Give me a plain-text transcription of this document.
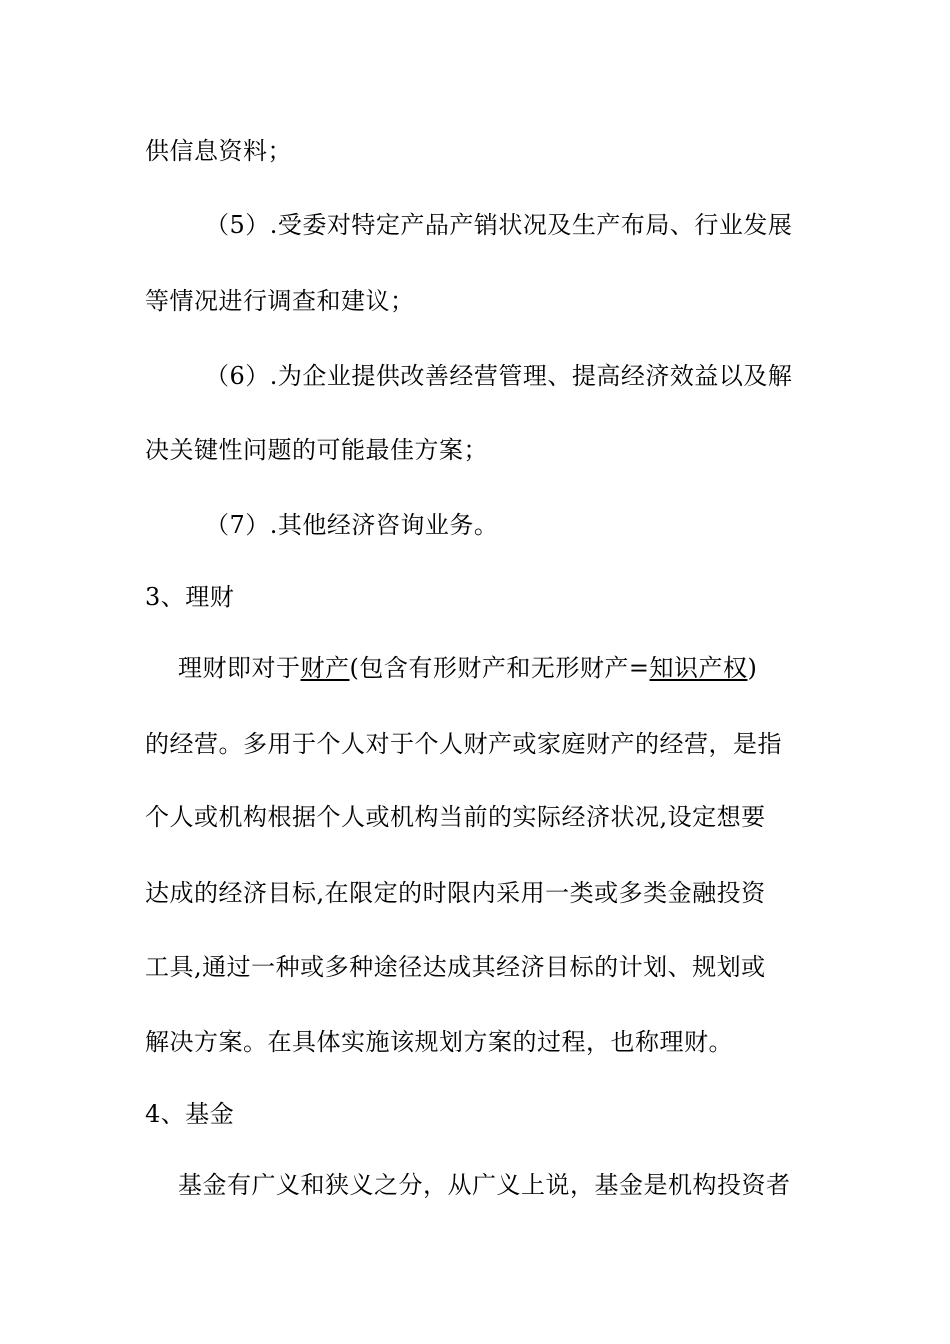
供信息资料；
（5）.受委对特定产品产销状况及生产布局、行业发展
等情况进行调查和建议；
（6）.为企业提供改善经营管理、提高经济效益以及解
决关键性问题的可能最佳方案；
（7）.其他经济咨询业务。
3、理财
理财即对于财产(包含有形财产和无形财产=知识产权)
的经营。多用于个人对于个人财产或家庭财产的经营，是指
个人或机构根据个人或机构当前的实际经济状况,设定想要
达成的经济目标,在限定的时限内采用一类或多类金融投资
工具,通过一种或多种途径达成其经济目标的计划、规划或
解决方案。在具体实施该规划方案的过程，也称理财。
4、基金
基金有广义和狭义之分，从广义上说，基金是机构投资者
